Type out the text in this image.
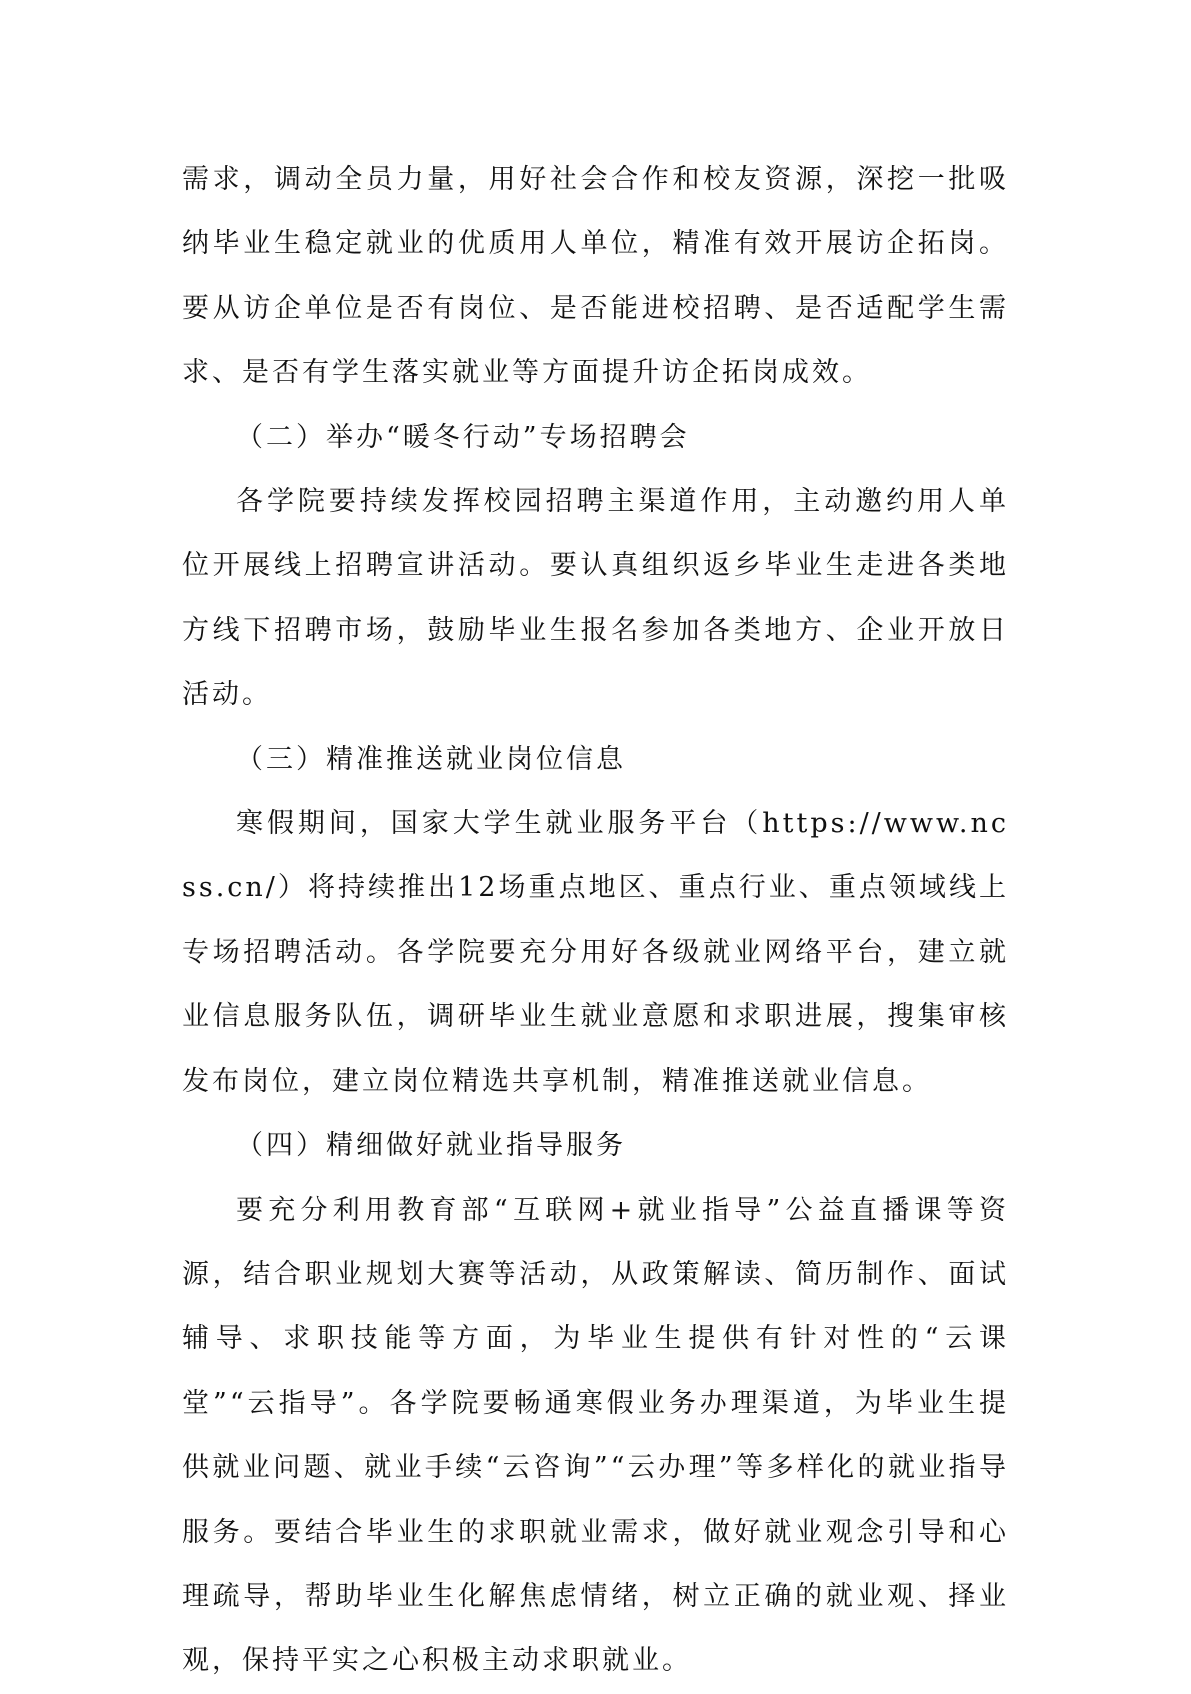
需求，调动全员力量，用好社会合作和校友资源，深挖一批吸纳毕业生稳定就业的优质用人单位，精准有效开展访企拓岗。要从访企单位是否有岗位、是否能进校招聘、是否适配学生需求、是否有学生落实就业等方面提升访企拓岗成效。

（二）举办“暖冬行动”专场招聘会

各学院要持续发挥校园招聘主渠道作用，主动邀约用人单位开展线上招聘宣讲活动。要认真组织返乡毕业生走进各类地方线下招聘市场，鼓励毕业生报名参加各类地方、企业开放日活动。

（三）精准推送就业岗位信息

寒假期间，国家大学生就业服务平台（https://www.ncss.cn/）将持续推出12场重点地区、重点行业、重点领域线上专场招聘活动。各学院要充分用好各级就业网络平台，建立就业信息服务队伍，调研毕业生就业意愿和求职进展，搜集审核发布岗位，建立岗位精选共享机制，精准推送就业信息。

（四）精细做好就业指导服务

要充分利用教育部“互联网+就业指导”公益直播课等资源，结合职业规划大赛等活动，从政策解读、简历制作、面试辅导、求职技能等方面，为毕业生提供有针对性的“云课堂”“云指导”。各学院要畅通寒假业务办理渠道，为毕业生提供就业问题、就业手续“云咨询”“云办理”等多样化的就业指导服务。要结合毕业生的求职就业需求，做好就业观念引导和心理疏导，帮助毕业生化解焦虑情绪，树立正确的就业观、择业观，保持平实之心积极主动求职就业。
